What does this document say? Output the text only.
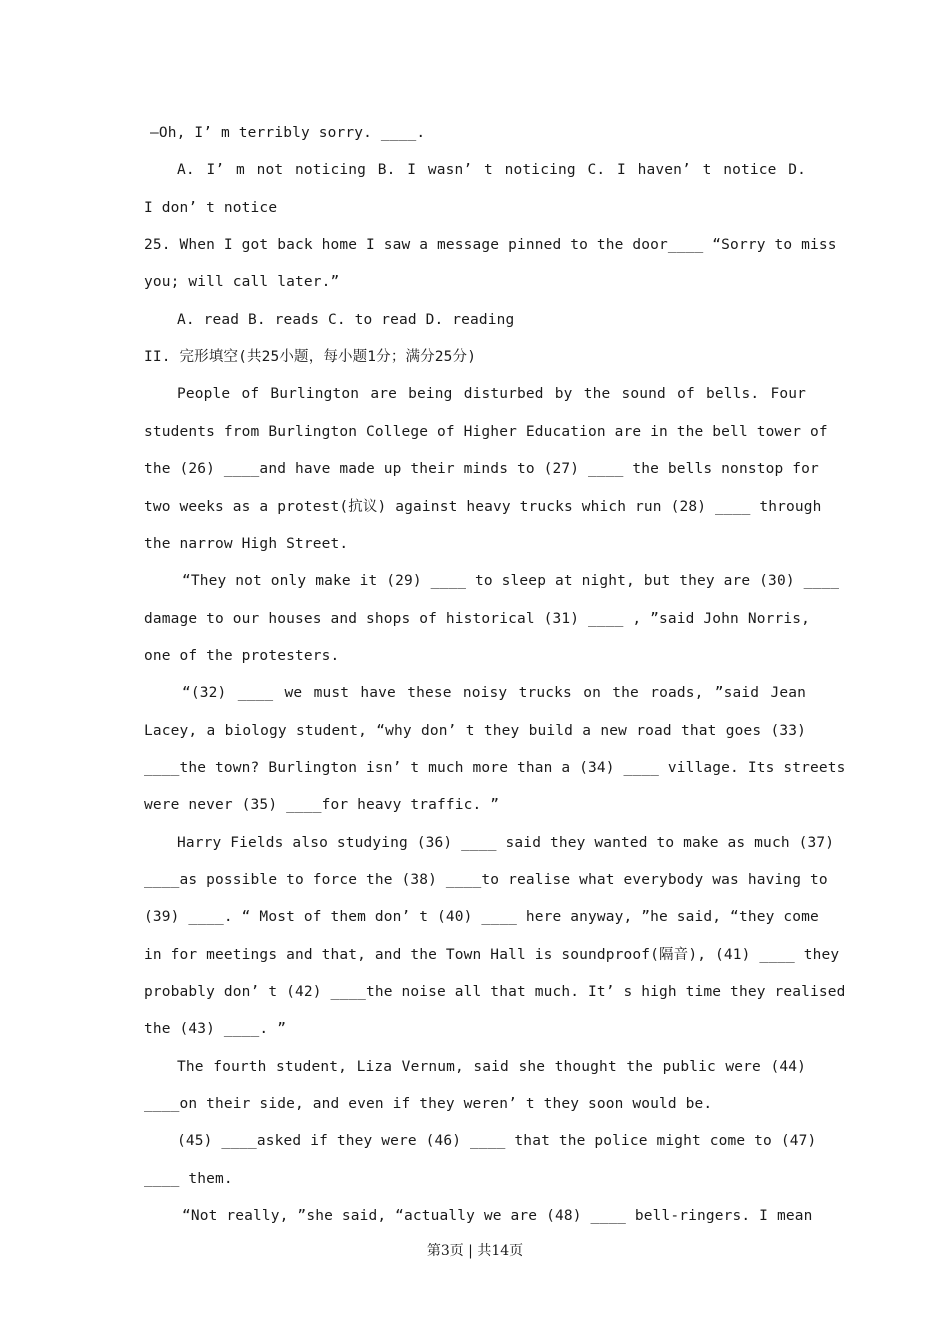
—Oh, I’ m terribly sorry. ____.
A. I’ m not noticing B. I wasn’ t noticing C. I haven’ t notice D.
I don’ t notice
25. When I got back home I saw a message pinned to the door____ “Sorry to miss
you; will call later.”
A. read B. reads C. to read D. reading
II. 完形填空(共25小题，每小题1分；满分25分)
People of Burlington are being disturbed by the sound of bells. Four
students from Burlington College of Higher Education are in the bell tower of
the (26) ____and have made up their minds to (27) ____ the bells nonstop for
two weeks as a protest(抗议) against heavy trucks which run (28) ____ through
the narrow High Street.
“They not only make it (29) ____ to sleep at night, but they are (30) ____
damage to our houses and shops of historical (31) ____ , ”said John Norris,
one of the protesters.
“(32) ____ we must have these noisy trucks on the roads, ”said Jean
Lacey, a biology student, “why don’ t they build a new road that goes (33)
____the town? Burlington isn’ t much more than a (34) ____ village. Its streets
were never (35) ____for heavy traffic. ”
Harry Fields also studying (36) ____ said they wanted to make as much (37)
____as possible to force the (38) ____to realise what everybody was having to
(39) ____. “ Most of them don’ t (40) ____ here anyway, ”he said, “they come
in for meetings and that, and the Town Hall is soundproof(隔音), (41) ____ they
probably don’ t (42) ____the noise all that much. It’ s high time they realised
the (43) ____. ”
The fourth student, Liza Vernum, said she thought the public were (44)
____on their side, and even if they weren’ t they soon would be.
(45) ____asked if they were (46) ____ that the police might come to (47)
____ them.
“Not really, ”she said, “actually we are (48) ____ bell-ringers. I mean
第3页 | 共14页
